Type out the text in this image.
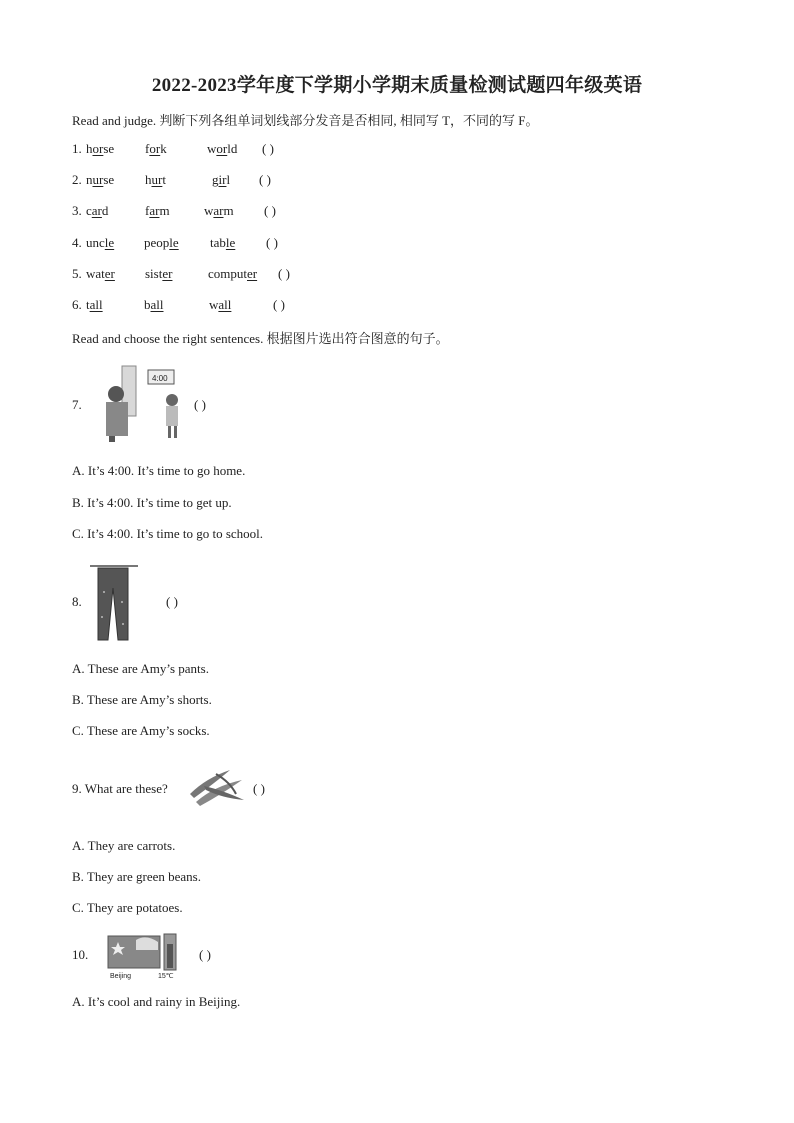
2022-2023学年度下学期小学期末质量检测试题四年级英语
Read and judge. 判断下列各组单词划线部分发音是否相同, 相同写 T，不同的写 F。
1. horse fork	world ( )
2. nurse hurt	girl ( )
3. card	farm	warm ( )
4. uncle people table ( )
5. water sister	computer ( )
6. tall	ball	wall	( )
Read and choose the right sentences. 根据图片选出符合图意的句子。
7.
4:00
( )
A. It’s 4:00. It’s time to go home.
B. It’s 4:00. It’s time to get up.
C. It’s 4:00. It’s time to go to school.
8.	( )
A. These are Amy’s pants.
B. These are Amy’s shorts.
C. These are Amy’s socks.
9. What are these?	( )
A. They are carrots.
B. They are green beans.
C. They are potatoes.
10.
Beijing	15℃
( )
A. It’s cool and rainy in Beijing.
